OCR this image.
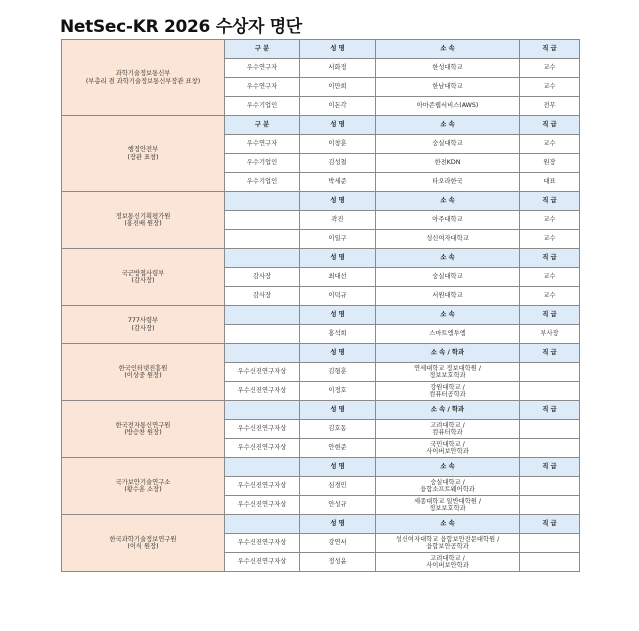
NetSec-KR 2026 수상자 명단
과학기술정보통신부
(부총리 겸 과학기술정보통신부장관 표창)	구 분	성 명	소 속	직 급
	우수연구자	서화정	한성대학교	교수
	우수연구자	이만희	한남대학교	교수
	우수기업인	이돈각	아마존웹서비스(AWS)	전무

행정안전부
(장관 표창)	구 분	성 명	소 속	직 급
	우수연구자	이창훈	숭실대학교	교수
	우수기업인	김성철	한전KDN	원장
	우수기업인	박세준	타오라한국	대표

정보통신기획평가원
(홍진배 원장)		성 명	소 속	직 급
		곽진	아주대학교	교수
		이일구	성신여자대학교	교수

국군방첩사령부
(감사장)		성 명	소 속	직 급
	감사장	최대선	숭실대학교	교수
	감사장	이덕규	서원대학교	교수

777사령부
(감사장)		성 명	소 속	직 급
		홍석희	스마트엠투엠	부사장

한국인터넷진흥원
(이상중 원장)		성 명	소 속 / 학과	직 급
	우수신진연구자상	김형훈	연세대학교 정보대학원 /
정보보호학과	

	우수신진연구자상	이정호	강원대학교 /
컴퓨터공학과	

한국전자통신연구원
(방승찬 원장)		성 명	소 속 / 학과	직 급
	우수신진연구자상	김호동	고려대학교 /
컴퓨터학과	

	우수신진연구자상	안현준	국민대학교 /
사이버보안학과	

국가보안기술연구소
(황수훈 소장)		성 명	소 속	직 급
	우수신진연구자상	심경민	숭실대학교 /
융합소프트웨어학과	

	우수신진연구자상	안성규	세종대학교 일반대학원 /
정보보호학과	

한국과학기술정보연구원
(이식 원장)		성 명	소 속	직 급
	우수신진연구자상	강연서	성신여자대학교 융합보안전문대학원 /
융합보안공학과	

	우수신진연구자상	정성윤	고려대학교 /
사이버보안학과	
